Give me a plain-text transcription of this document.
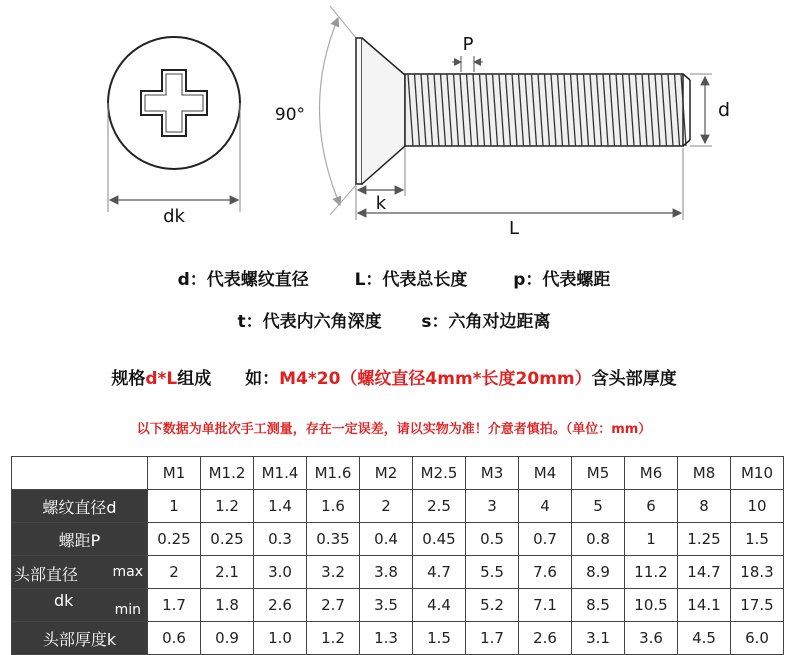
dk
90°
P
d
k
L
d：代表螺纹直径	L：代表总长度	p：代表螺距
t：代表内六角深度 s：六角对边距离
规格d*L组成 如：M4*20（螺纹直径4mm*长度20mm）含头部厚度
以下数据为单批次手工测量，存在一定误差，请以实物为准！介意者慎拍。（单位：mm）
螺纹规格	M1	M1.2	M1.4	M1.6	M2	M2.5	M3	M4	M5	M6	M8	M10
螺纹直径d	1	1.2	1.4	1.6	2	2.5	3	4	5	6	8	10
螺距P	0.25	0.25	0.3	0.35	0.4	0.45	0.5	0.7	0.8	1	1.25	1.5

头部直径 max	2	2.1	3.0	3.2	3.8	4.7	5.5	7.6	8.9	11.2	14.7	18.3

dk min	1.7	1.8	2.6	2.7	3.5	4.4	5.2	7.1	8.5	10.5	14.1	17.5
头部厚度k	0.6	0.9	1.0	1.2	1.3	1.5	1.7	2.6	3.1	3.6	4.5	6.0
